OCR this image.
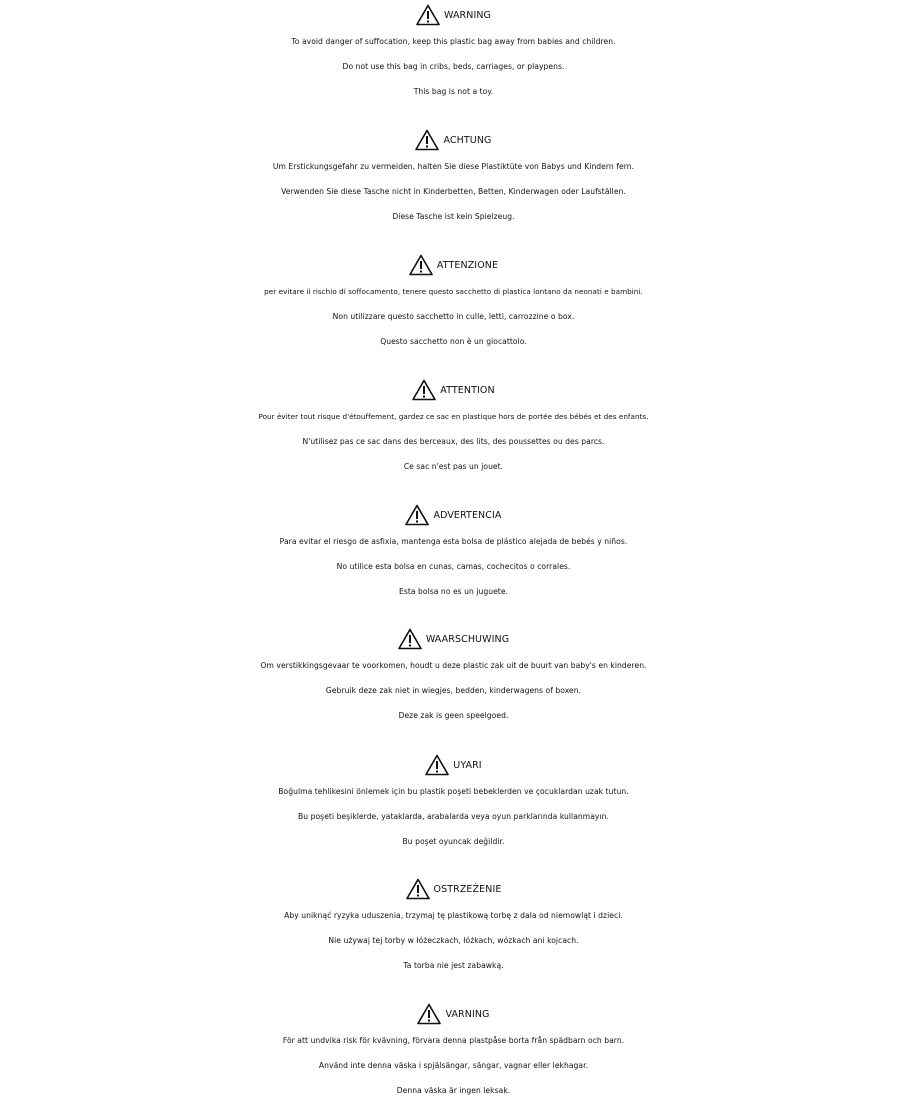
WARNING
To avoid danger of suffocation, keep this plastic bag away from babies and children.
Do not use this bag in cribs, beds, carriages, or playpens.
This bag is not a toy.
ACHTUNG
Um Erstickungsgefahr zu vermeiden, halten Sie diese Plastiktüte von Babys und Kindern fern.
Verwenden Sie diese Tasche nicht in Kinderbetten, Betten, Kinderwagen oder Laufställen.
Diese Tasche ist kein Spielzeug.
ATTENZIONE
per evitare il rischio di soffocamento, tenere questo sacchetto di plastica lontano da neonati e bambini.
Non utilizzare questo sacchetto in culle, letti, carrozzine o box.
Questo sacchetto non è un giocattolo.
ATTENTION
Pour éviter tout risque d'étouffement, gardez ce sac en plastique hors de portée des bébés et des enfants.
N'utilisez pas ce sac dans des berceaux, des lits, des poussettes ou des parcs.
Ce sac n'est pas un jouet.
ADVERTENCIA
Para evitar el riesgo de asfixia, mantenga esta bolsa de plástico alejada de bebés y niños.
No utilice esta bolsa en cunas, camas, cochecitos o corrales.
Esta bolsa no es un juguete.
WAARSCHUWING
Om verstikkingsgevaar te voorkomen, houdt u deze plastic zak uit de buurt van baby's en kinderen.
Gebruik deze zak niet in wiegjes, bedden, kinderwagens of boxen.
Deze zak is geen speelgoed.
UYARI
Boğulma tehlikesini önlemek için bu plastik poşeti bebeklerden ve çocuklardan uzak tutun.
Bu poşeti beşiklerde, yataklarda, arabalarda veya oyun parklarında kullanmayın.
Bu poşet oyuncak değildir.
OSTRZEŻENIE
Aby uniknąć ryzyka uduszenia, trzymaj tę plastikową torbę z dala od niemowląt i dzieci.
Nie używaj tej torby w łóżeczkach, łóżkach, wózkach ani kojcach.
Ta torba nie jest zabawką.
VARNING
För att undvika risk för kvävning, förvara denna plastpåse borta från spädbarn och barn.
Använd inte denna väska i spjälsängar, sängar, vagnar eller lekhagar.
Denna väska är ingen leksak.
